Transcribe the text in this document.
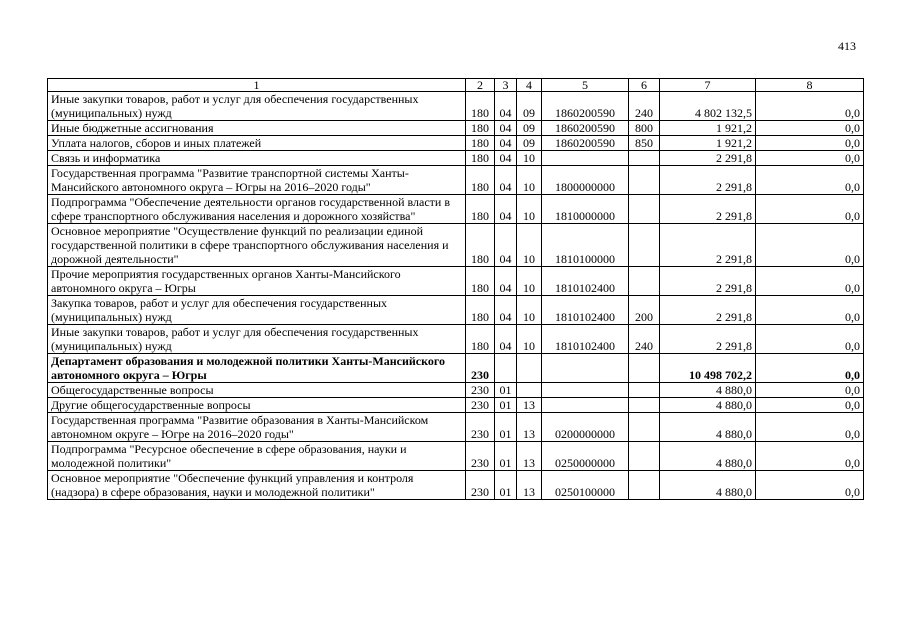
413
1	2	3	4	5	6	7	8
Иные закупки товаров, работ и услуг для обеспечения государственных (муниципальных) нужд	180	04	09	1860200590	240	4 802 132,5	0,0
Иные бюджетные ассигнования	180	04	09	1860200590	800	1 921,2	0,0
Уплата налогов, сборов и иных платежей	180	04	09	1860200590	850	1 921,2	0,0
Связь и информатика	180	04	10			2 291,8	0,0
Государственная программа "Развитие транспортной системы Ханты-Мансийского автономного округа – Югры на 2016–2020 годы"	180	04	10	1800000000		2 291,8	0,0
Подпрограмма "Обеспечение деятельности органов государственной власти в сфере транспортного обслуживания населения и дорожного хозяйства"	180	04	10	1810000000		2 291,8	0,0
Основное мероприятие "Осуществление функций по реализации единой государственной политики в сфере транспортного обслуживания населения и дорожной деятельности"	180	04	10	1810100000		2 291,8	0,0
Прочие мероприятия государственных органов Ханты-Мансийского автономного округа – Югры	180	04	10	1810102400		2 291,8	0,0
Закупка товаров, работ и услуг для обеспечения государственных (муниципальных) нужд	180	04	10	1810102400	200	2 291,8	0,0
Иные закупки товаров, работ и услуг для обеспечения государственных (муниципальных) нужд	180	04	10	1810102400	240	2 291,8	0,0
Департамент образования и молодежной политики Ханты-Мансийского автономного округа – Югры	230					10 498 702,2	0,0
Общегосударственные вопросы	230	01				4 880,0	0,0
Другие общегосударственные вопросы	230	01	13			4 880,0	0,0
Государственная программа "Развитие образования в Ханты-Мансийском автономном округе – Югре на 2016–2020 годы"	230	01	13	0200000000		4 880,0	0,0
Подпрограмма "Ресурсное обеспечение в сфере образования, науки и молодежной политики"	230	01	13	0250000000		4 880,0	0,0
Основное мероприятие "Обеспечение функций управления и контроля (надзора) в сфере образования, науки и молодежной политики"	230	01	13	0250100000		4 880,0	0,0
